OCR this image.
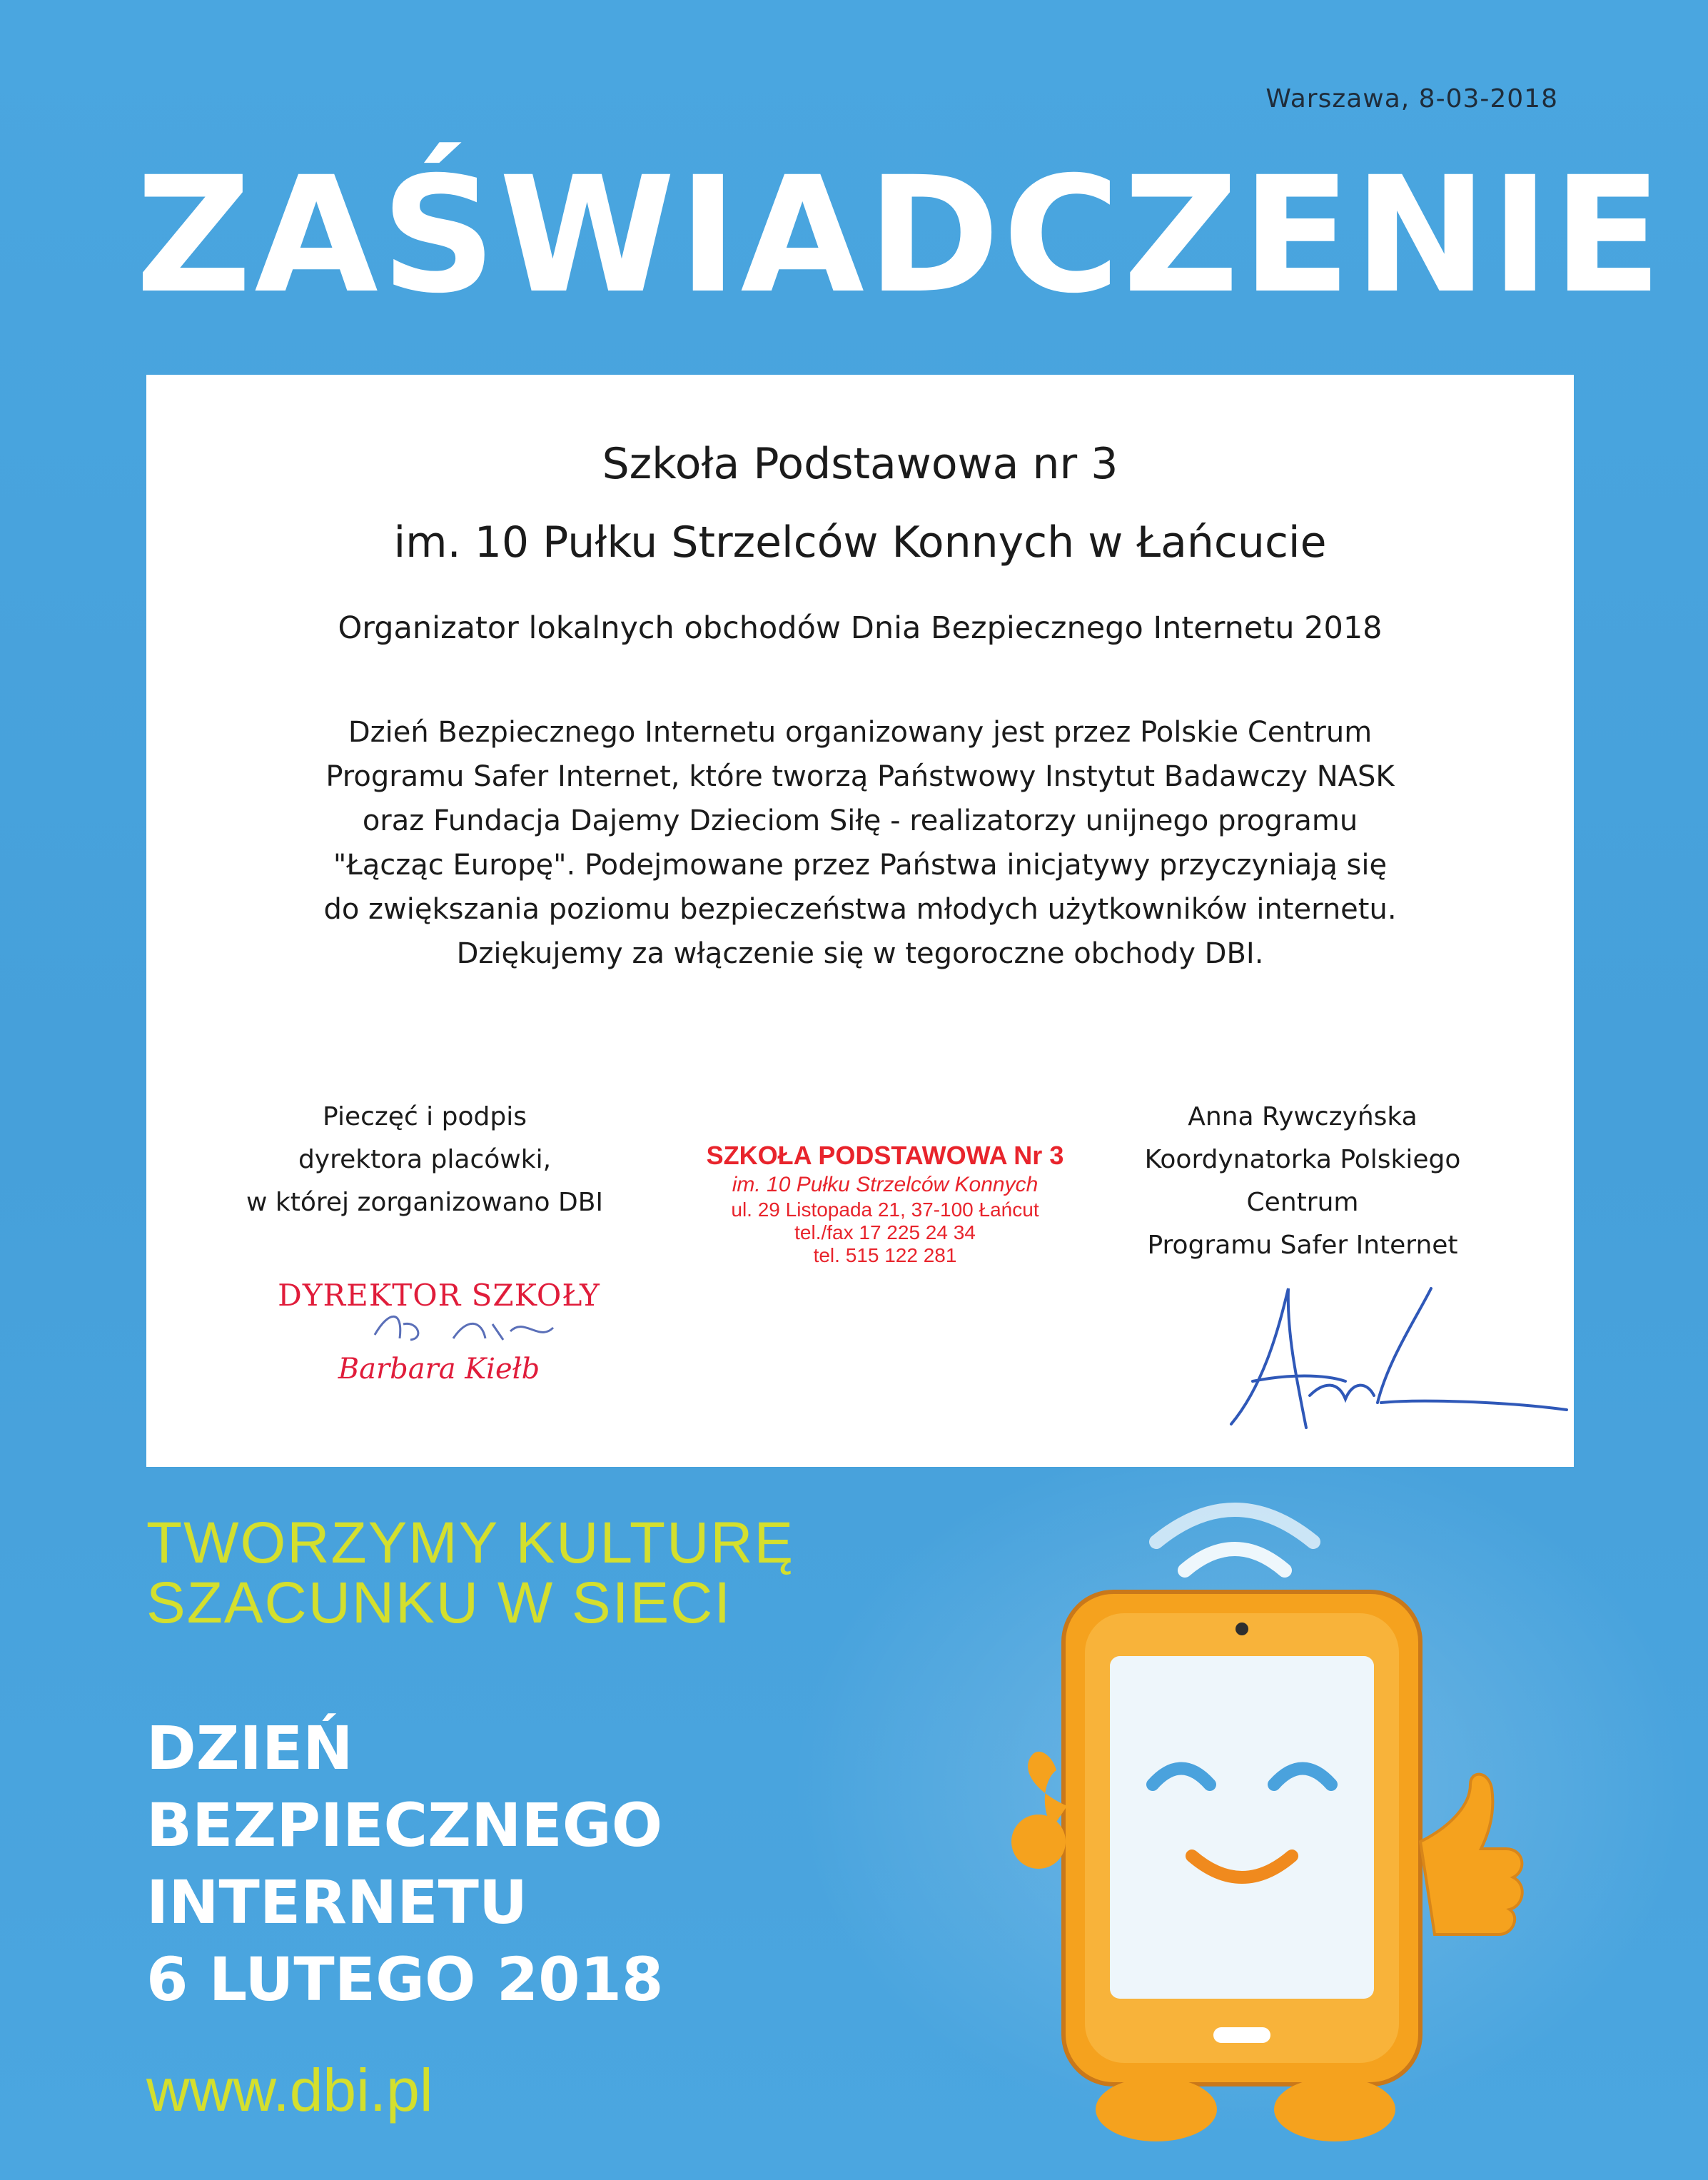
Warszawa, 8-03-2018
ZAŚWIADCZENIE
Szkoła Podstawowa nr 3
im. 10 Pułku Strzelców Konnych w Łańcucie
Organizator lokalnych obchodów Dnia Bezpiecznego Internetu 2018
Dzień Bezpiecznego Internetu organizowany jest przez Polskie Centrum
Programu Safer Internet, które tworzą Państwowy Instytut Badawczy NASK
oraz Fundacja Dajemy Dzieciom Siłę - realizatorzy unijnego programu
"Łącząc Europę". Podejmowane przez Państwa inicjatywy przyczyniają się
do zwiększania poziomu bezpieczeństwa młodych użytkowników internetu.
Dziękujemy za włączenie się w tegoroczne obchody DBI.
Pieczęć i podpis
dyrektora placówki,
w której zorganizowano DBI
SZKOŁA PODSTAWOWA Nr 3
im. 10 Pułku Strzelców Konnych
ul. 29 Listopada 21, 37-100 Łańcut
tel./fax 17 225 24 34
tel. 515 122 281
Anna Rywczyńska
Koordynatorka Polskiego
Centrum
Programu Safer Internet
DYREKTOR SZKOŁY
Barbara Kiełb
TWORZYMY KULTURĘ
SZACUNKU W SIECI
DZIEŃ
BEZPIECZNEGO
INTERNETU
6 LUTEGO 2018
www.dbi.pl
